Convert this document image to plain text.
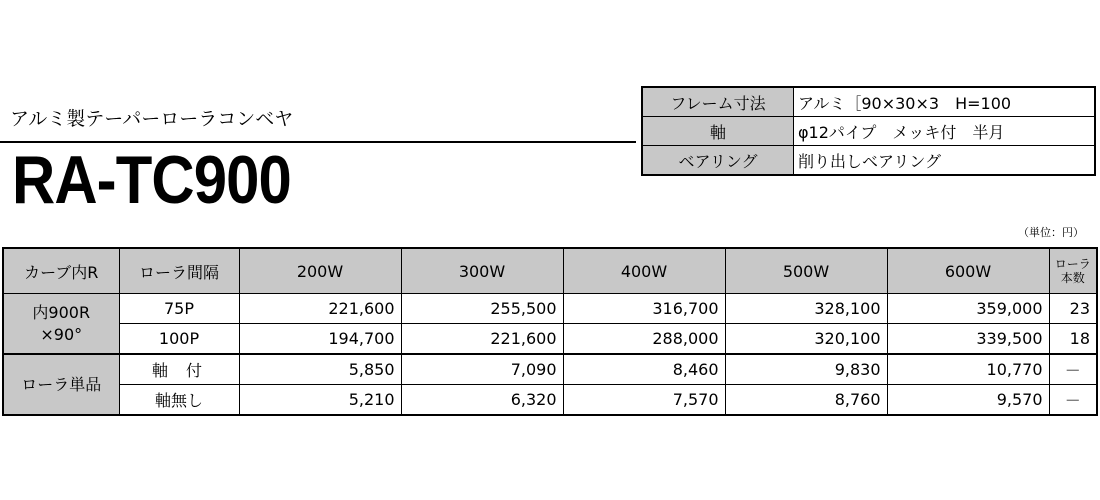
アルミ製テーパーローラコンベヤ
RA-TC900
フレーム寸法	アルミ［90×30×3　H=100
軸	φ12パイプ　メッキ付　半月
ベアリング	削り出しベアリング
（単位：円）
カーブ内R	ローラ間隔	200W	300W	400W	500W	600W	ローラ
本数

内900R
×90°	75P	221,600	255,500	316,700	328,100	359,000	23
	100P	194,700	221,600	288,000	320,100	339,500	18
ローラ単品	軸付	5,850	7,090	8,460	9,830	10,770	－
	軸無し	5,210	6,320	7,570	8,760	9,570	－
